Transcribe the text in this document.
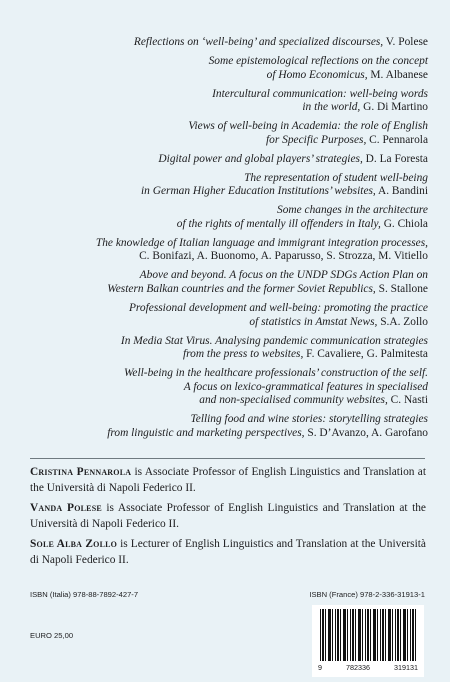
Reflections on ‘well-being’ and specialized discourses, V. Polese
Some epistemological reflections on the concept
of Homo Economicus, M. Albanese
Intercultural communication: well-being words
in the world, G. Di Martino
Views of well-being in Academia: the role of English
for Specific Purposes, C. Pennarola
Digital power and global players’ strategies, D. La Foresta
The representation of student well-being
in German Higher Education Institutions’ websites, A. Bandini
Some changes in the architecture
of the rights of mentally ill offenders in Italy, G. Chiola
The knowledge of Italian language and immigrant integration processes,
C. Bonifazi, A. Buonomo, A. Paparusso, S. Strozza, M. Vitiello
Above and beyond. A focus on the UNDP SDGs Action Plan on
Western Balkan countries and the former Soviet Republics, S. Stallone
Professional development and well-being: promoting the practice
of statistics in Amstat News, S.A. Zollo
In Media Stat Virus. Analysing pandemic communication strategies
from the press to websites, F. Cavaliere, G. Palmitesta
Well-being in the healthcare professionals’ construction of the self.
A focus on lexico-grammatical features in specialised
and non-specialised community websites, C. Nasti
Telling food and wine stories: storytelling strategies
from linguistic and marketing perspectives, S. D’Avanzo, A. Garofano
Cristina Pennarola is Associate Professor of English Linguistics and Translation at the Università di Napoli Federico II.
Vanda Polese is Associate Professor of English Linguistics and Translation at the Università di Napoli Federico II.
Sole Alba Zollo is Lecturer of English Linguistics and Translation at the Università di Napoli Federico II.
ISBN (Italia) 978-88-7892-427-7	ISBN (France) 978-2-336-31913-1
EURO 25,00
9	782336	319131
